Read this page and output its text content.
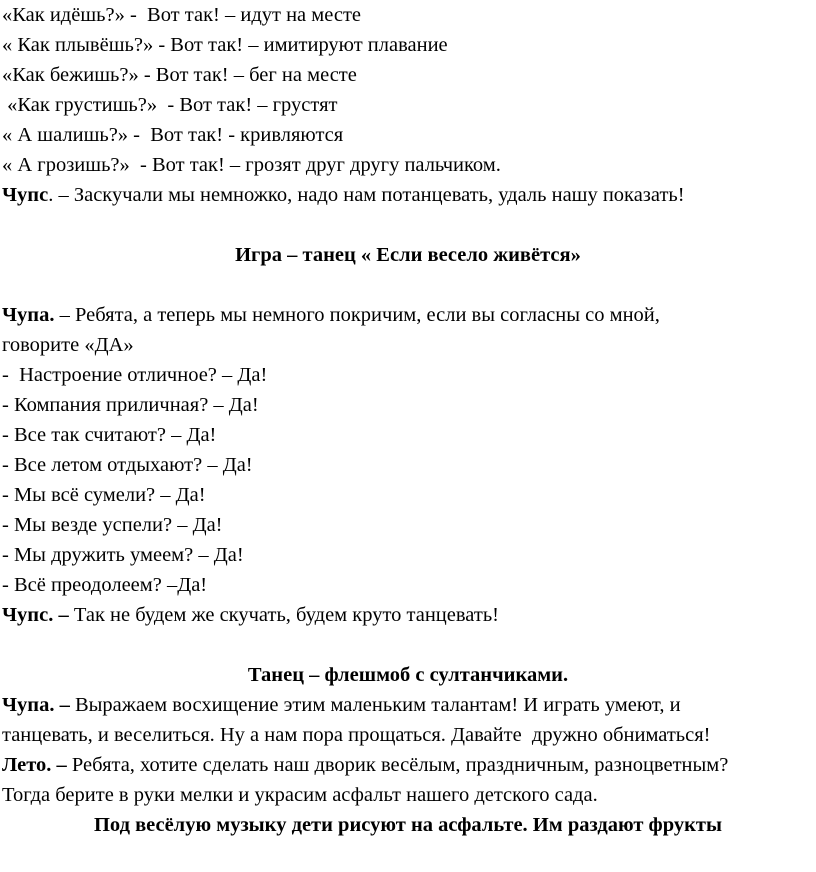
«Как идёшь?» -  Вот так! – идут на месте
« Как плывёшь?» - Вот так! – имитируют плавание
«Как бежишь?» - Вот так! – бег на месте
«Как грустишь?»  - Вот так! – грустят
« А шалишь?» -  Вот так! - кривляются
« А грозишь?»  - Вот так! – грозят друг другу пальчиком.
Чупс. – Заскучали мы немножко, надо нам потанцевать, удаль нашу показать!
Игра – танец « Если весело живётся»
Чупа. – Ребята, а теперь мы немного покричим, если вы согласны со мной,
говорите «ДА»
-  Настроение отличное? – Да!
- Компания приличная? – Да!
- Все так считают? – Да!
- Все летом отдыхают? – Да!
- Мы всё сумели? – Да!
- Мы везде успели? – Да!
- Мы дружить умеем? – Да!
- Всё преодолеем? –Да!
Чупс. – Так не будем же скучать, будем круто танцевать!
Танец – флешмоб с султанчиками.
Чупа. – Выражаем восхищение этим маленьким талантам! И играть умеют, и
танцевать, и веселиться. Ну а нам пора прощаться. Давайте  дружно обниматься!
Лето. – Ребята, хотите сделать наш дворик весёлым, праздничным, разноцветным?
Тогда берите в руки мелки и украсим асфальт нашего детского сада.
Под весёлую музыку дети рисуют на асфальте. Им раздают фрукты
